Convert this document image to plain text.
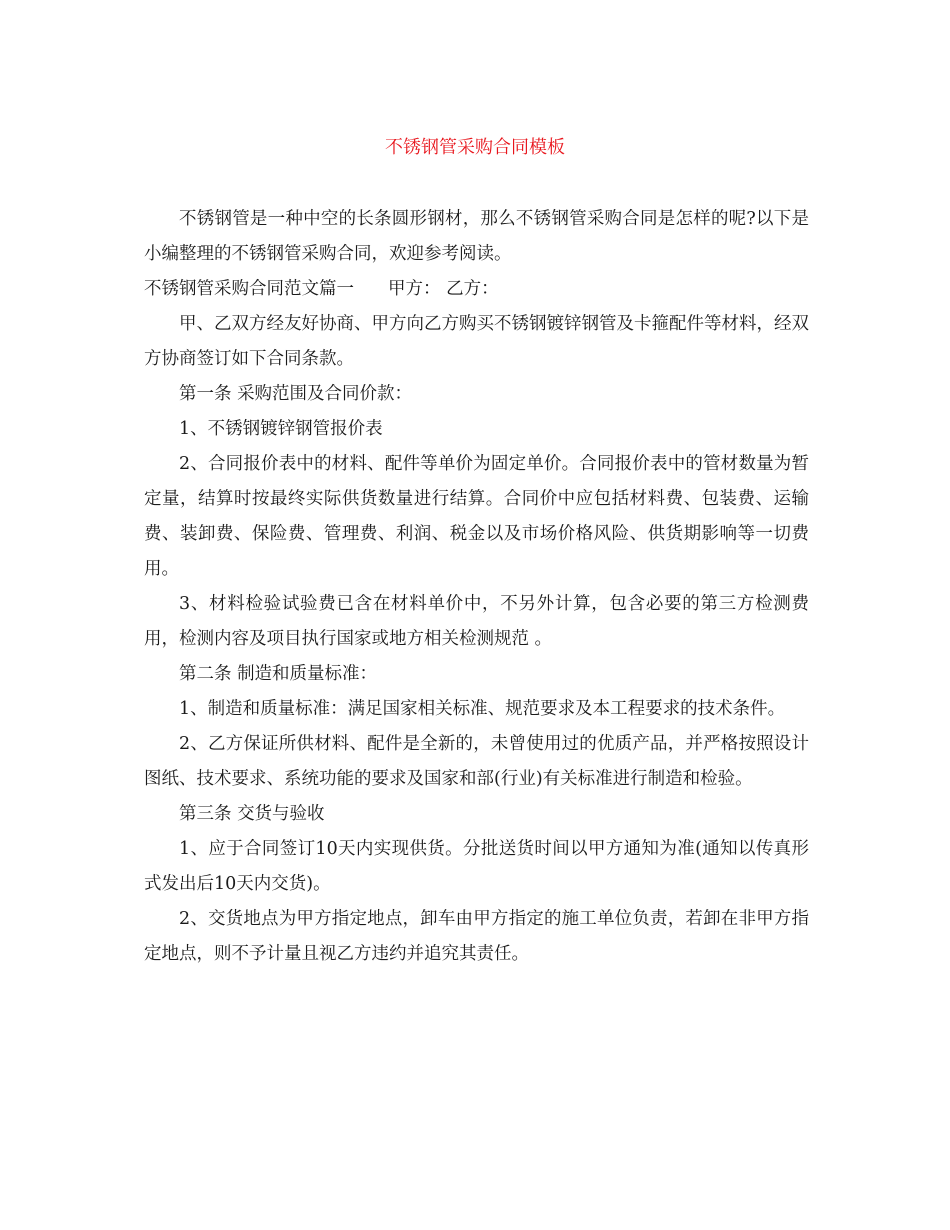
不锈钢管采购合同模板

不锈钢管是一种中空的长条圆形钢材，那么不锈钢管采购合同是怎样的呢?以下是小编整理的不锈钢管采购合同，欢迎参考阅读。

不锈钢管采购合同范文篇一 甲方： 乙方：

甲、乙双方经友好协商、甲方向乙方购买不锈钢镀锌钢管及卡箍配件等材料，经双方协商签订如下合同条款。

第一条 采购范围及合同价款：

1、不锈钢镀锌钢管报价表

2、合同报价表中的材料、配件等单价为固定单价。合同报价表中的管材数量为暂定量，结算时按最终实际供货数量进行结算。合同价中应包括材料费、包装费、运输费、装卸费、保险费、管理费、利润、税金以及市场价格风险、供货期影响等一切费用。

3、材料检验试验费已含在材料单价中，不另外计算，包含必要的第三方检测费用，检测内容及项目执行国家或地方相关检测规范 。

第二条 制造和质量标准：

1、制造和质量标准：满足国家相关标准、规范要求及本工程要求的技术条件。

2、乙方保证所供材料、配件是全新的，未曾使用过的优质产品，并严格按照设计图纸、技术要求、系统功能的要求及国家和部(行业)有关标准进行制造和检验。

第三条 交货与验收

1、应于合同签订10天内实现供货。分批送货时间以甲方通知为准(通知以传真形式发出后10天内交货)。

2、交货地点为甲方指定地点，卸车由甲方指定的施工单位负责，若卸在非甲方指定地点，则不予计量且视乙方违约并追究其责任。
